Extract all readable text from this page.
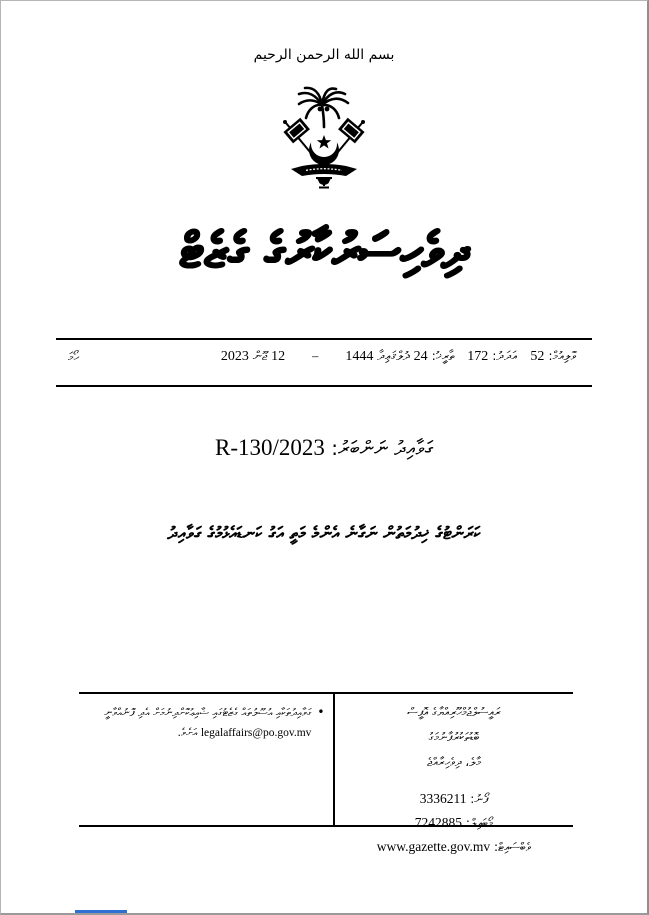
بسم الله الرحمن الرحيم
ދިވެހިސަރުކާރުގެ ގެޒެޓް
ވޮލިއުމް: 52
އަދަދު: 172
ތާރީޚު: 24 ޛުލްޤަޢިދާ 1444
–
12 ޖޫން 2023
ހޯމަ
ގަވާއިދު ނަންބަރު: 2023/R-130
ކަރަންޓުގެ ޚިދުމަތުން ނަގާނެ އެންމެ މަތީ އަގު ކަނޑައެޅުމުގެ ގަވާއިދު
•
ގަވާއިދުތަކާއި އުސޫލުތައް ގެޒެޓުގައި ޝާއިޢުކޮށްދިނުމަށް އެދި ފޮނުއްވާނީ legalaffairs@po.gov.mv އަށެވެ.
ރައީސުލްޖުމްހޫރިއްޔާގެ އޮފީސް
ބޮޑުތަކުރުފާނުމަގު
މާލެ، ދިވެހިރާއްޖެ
ފޯނު: 3336211
މޯބައިލް: 7242885
ވެބްސައިޓް: www.gazette.gov.mv
